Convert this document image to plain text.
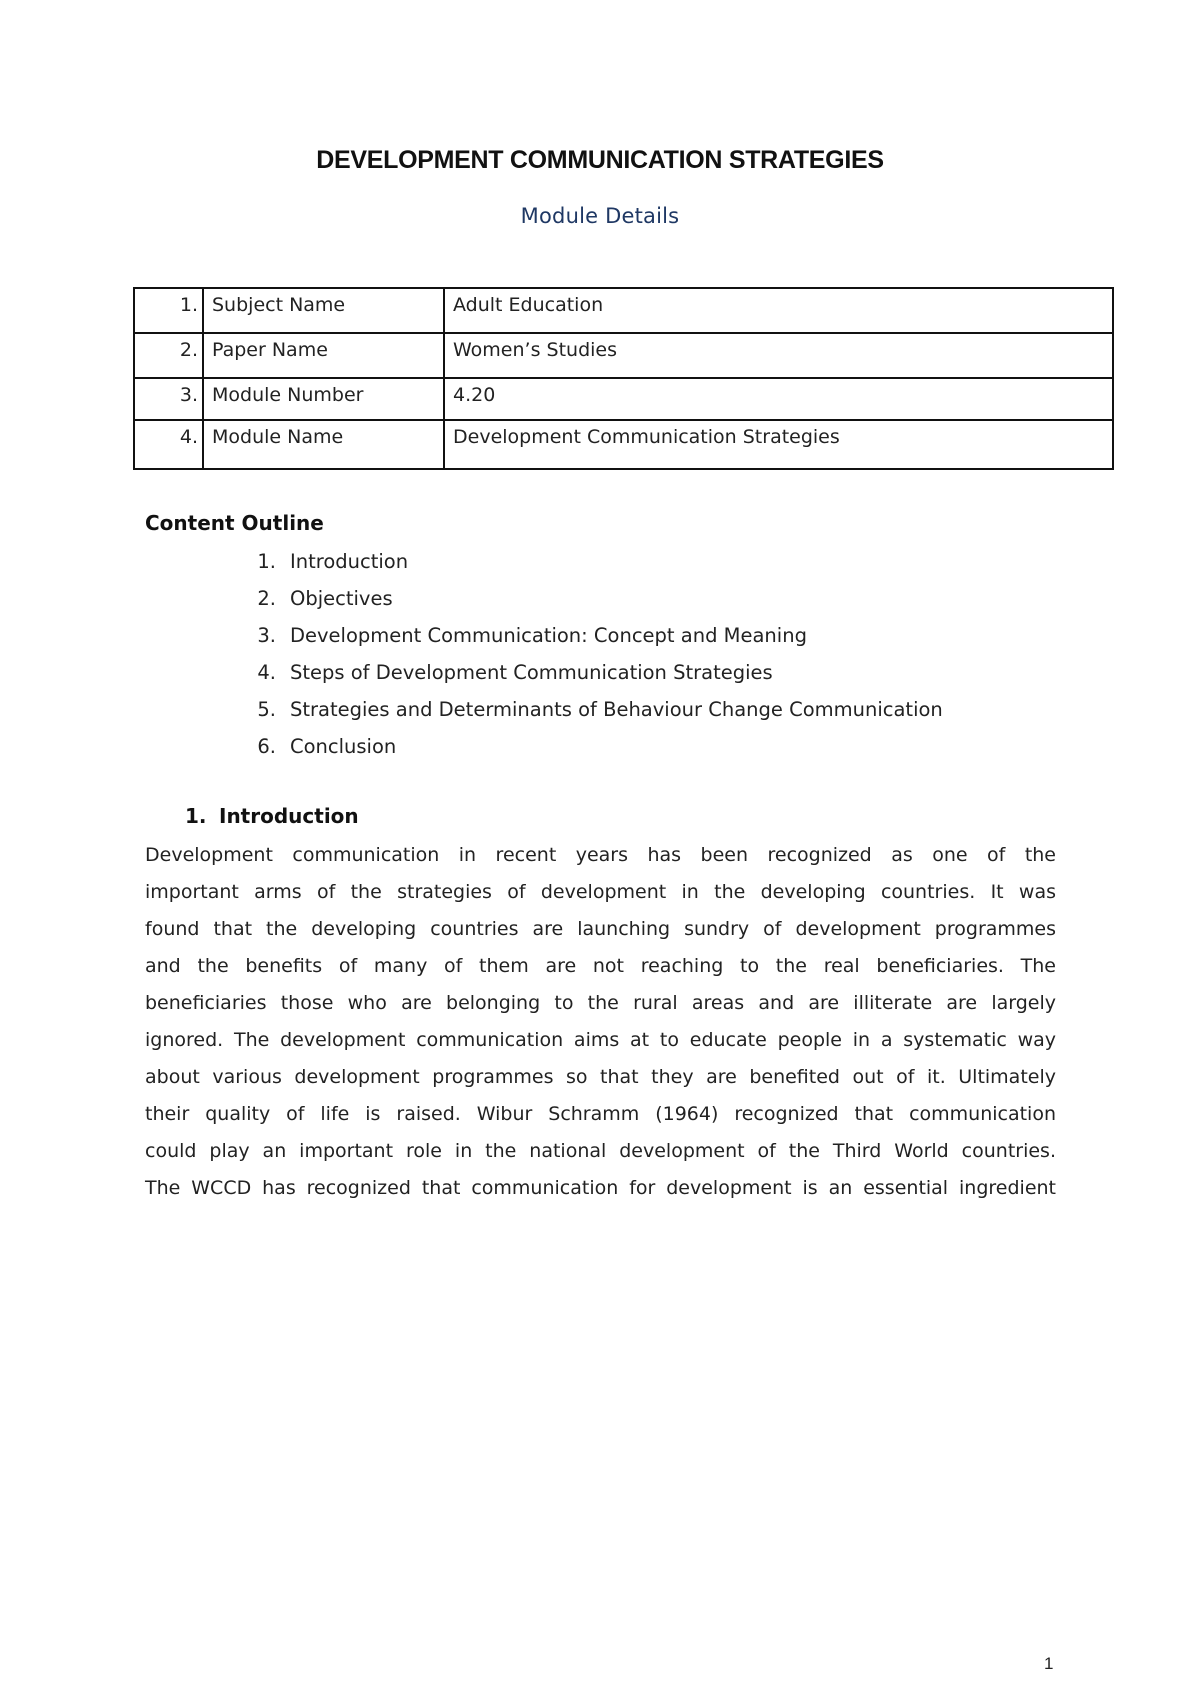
DEVELOPMENT COMMUNICATION STRATEGIES
Module Details
1.	Subject Name	Adult Education
2.	Paper Name	Women’s Studies
3.	Module Number	4.20
4.	Module Name	Development Communication Strategies
Content Outline
1. Introduction
2. Objectives
3. Development Communication: Concept and Meaning
4. Steps of Development Communication Strategies
5. Strategies and Determinants of Behaviour Change Communication
6. Conclusion
1. Introduction
Development communication in recent years has been recognized as one of the
important arms of the strategies of development in the developing countries. It was
found that the developing countries are launching sundry of development programmes
and the benefits of many of them are not reaching to the real beneficiaries. The
beneficiaries those who are belonging to the rural areas and are illiterate are largely
ignored. The development communication aims at to educate people in a systematic way
about various development programmes so that they are benefited out of it. Ultimately
their quality of life is raised. Wibur Schramm (1964) recognized that communication
could play an important role in the national development of the Third World countries.
The WCCD has recognized that communication for development is an essential ingredient
1
